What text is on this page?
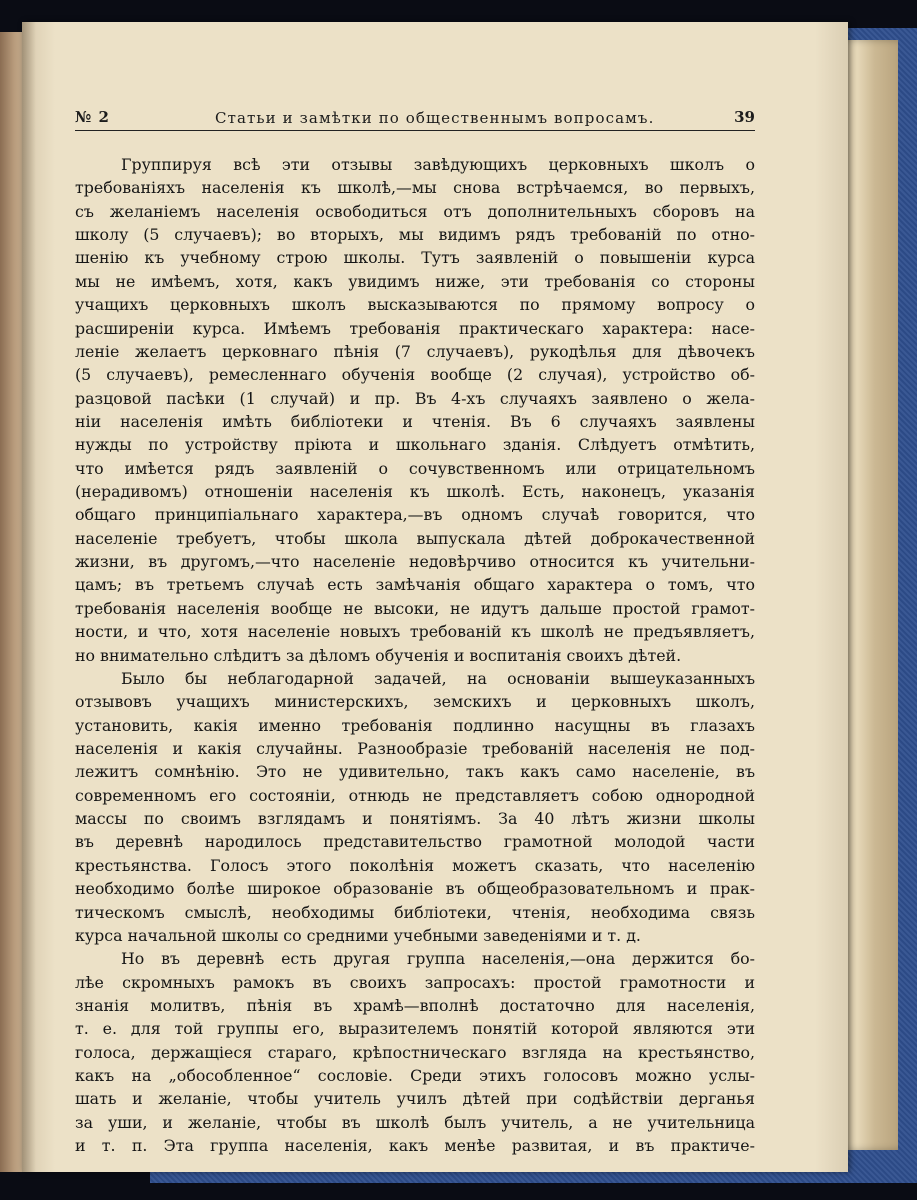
№ 2	Статьи и замѣтки по общественнымъ вопросамъ.	39
Группируя всѣ эти отзывы завѣдующихъ церковныхъ школъ о
требованіяхъ населенія къ школѣ,—мы снова встрѣчаемся, во первыхъ,
съ желаніемъ населенія освободиться отъ дополнительныхъ сборовъ на
школу (5 случаевъ); во вторыхъ, мы видимъ рядъ требованій по отно-
шенію къ учебному строю школы. Тутъ заявленій о повышеніи курса
мы не имѣемъ, хотя, какъ увидимъ ниже, эти требованія со стороны
учащихъ церковныхъ школъ высказываются по прямому вопросу о
расширеніи курса. Имѣемъ требованія практическаго характера: насе-
леніе желаетъ церковнаго пѣнія (7 случаевъ), рукодѣлья для дѣвочекъ
(5 случаевъ), ремесленнаго обученія вообще (2 случая), устройство об-
разцовой пасѣки (1 случай) и пр. Въ 4-хъ случаяхъ заявлено о жела-
ніи населенія имѣть библіотеки и чтенія. Въ 6 случаяхъ заявлены
нужды по устройству пріюта и школьнаго зданія. Слѣдуетъ отмѣтить,
что имѣется рядъ заявленій о сочувственномъ или отрицательномъ
(нерадивомъ) отношеніи населенія къ школѣ. Есть, наконецъ, указанія
общаго принципіальнаго характера,—въ одномъ случаѣ говорится, что
населеніе требуетъ, чтобы школа выпускала дѣтей доброкачественной
жизни, въ другомъ,—что населеніе недовѣрчиво относится къ учительни-
цамъ; въ третьемъ случаѣ есть замѣчанія общаго характера о томъ, что
требованія населенія вообще не высоки, не идутъ дальше простой грамот-
ности, и что, хотя населеніе новыхъ требованій къ школѣ не предъявляетъ,
но внимательно слѣдитъ за дѣломъ обученія и воспитанія своихъ дѣтей.
Было бы неблагодарной задачей, на основаніи вышеуказанныхъ
отзывовъ учащихъ министерскихъ, земскихъ и церковныхъ школъ,
установить, какія именно требованія подлинно насущны въ глазахъ
населенія и какія случайны. Разнообразіе требованій населенія не под-
лежитъ сомнѣнію. Это не удивительно, такъ какъ само населеніе, въ
современномъ его состояніи, отнюдь не представляетъ собою однородной
массы по своимъ взглядамъ и понятіямъ. За 40 лѣтъ жизни школы
въ деревнѣ народилось представительство грамотной молодой части
крестьянства. Голосъ этого поколѣнія можетъ сказать, что населенію
необходимо болѣе широкое образованіе въ общеобразовательномъ и прак-
тическомъ смыслѣ, необходимы библіотеки, чтенія, необходима связь
курса начальной школы со средними учебными заведеніями и т. д.
Но въ деревнѣ есть другая группа населенія,—она держится бо-
лѣе скромныхъ рамокъ въ своихъ запросахъ: простой грамотности и
знанія молитвъ, пѣнія въ храмѣ—вполнѣ достаточно для населенія,
т. е. для той группы его, выразителемъ понятій которой являются эти
голоса, держащіеся стараго, крѣпостническаго взгляда на крестьянство,
какъ на „обособленное“ сословіе. Среди этихъ голосовъ можно услы-
шать и желаніе, чтобы учитель училъ дѣтей при содѣйствіи дерганья
за уши, и желаніе, чтобы въ школѣ былъ учитель, а не учительница
и т. п. Эта группа населенія, какъ менѣе развитая, и въ практиче-
